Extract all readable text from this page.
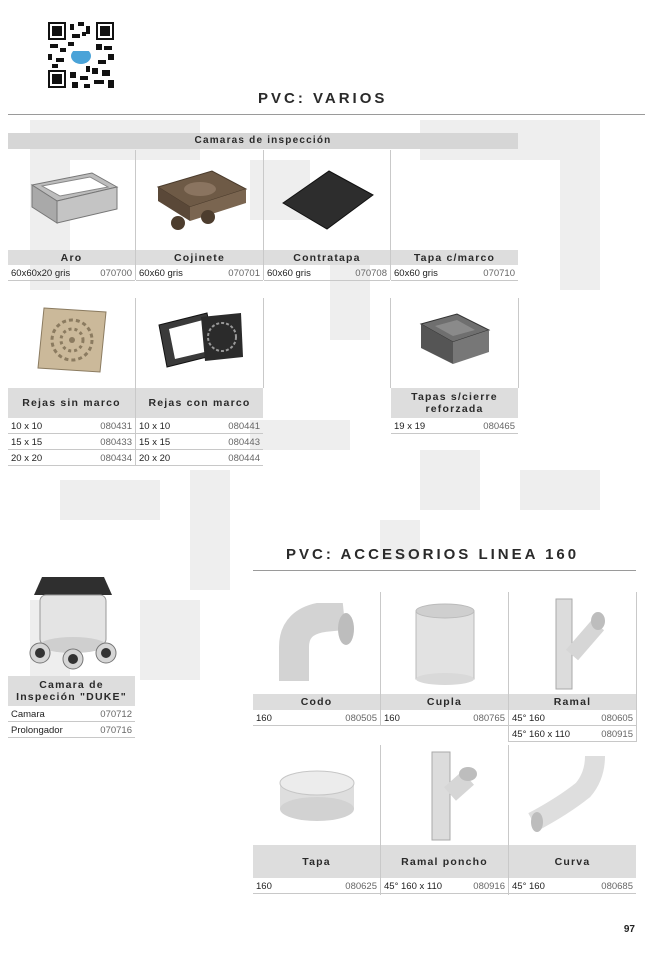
PVC: VARIOS
Camaras de inspección
Aro	Cojinete	Contratapa	Tapa c/marco
60x60x20 gris	070700 60x60 gris	070701 60x60 gris	070708 60x60 gris	070710
Rejas sin marco	Rejas con marco	Tapas s/cierre
reforzada
10 x 10	080431
15 x 15	080433
20 x 20	080434
10 x 10	080441
15 x 15	080443
20 x 20	080444
19 x 19	080465
PVC: ACCESORIOS LINEA 160
Camara de
Inspeción "DUKE"
Camara	070712
Prolongador	070716
Codo	Cupla	Ramal
160	080505 160	080765 45° 160	080605
45° 160 x 110	080915
Tapa	Ramal poncho	Curva
160	080625 45° 160 x 110	080916 45° 160	080685
97
